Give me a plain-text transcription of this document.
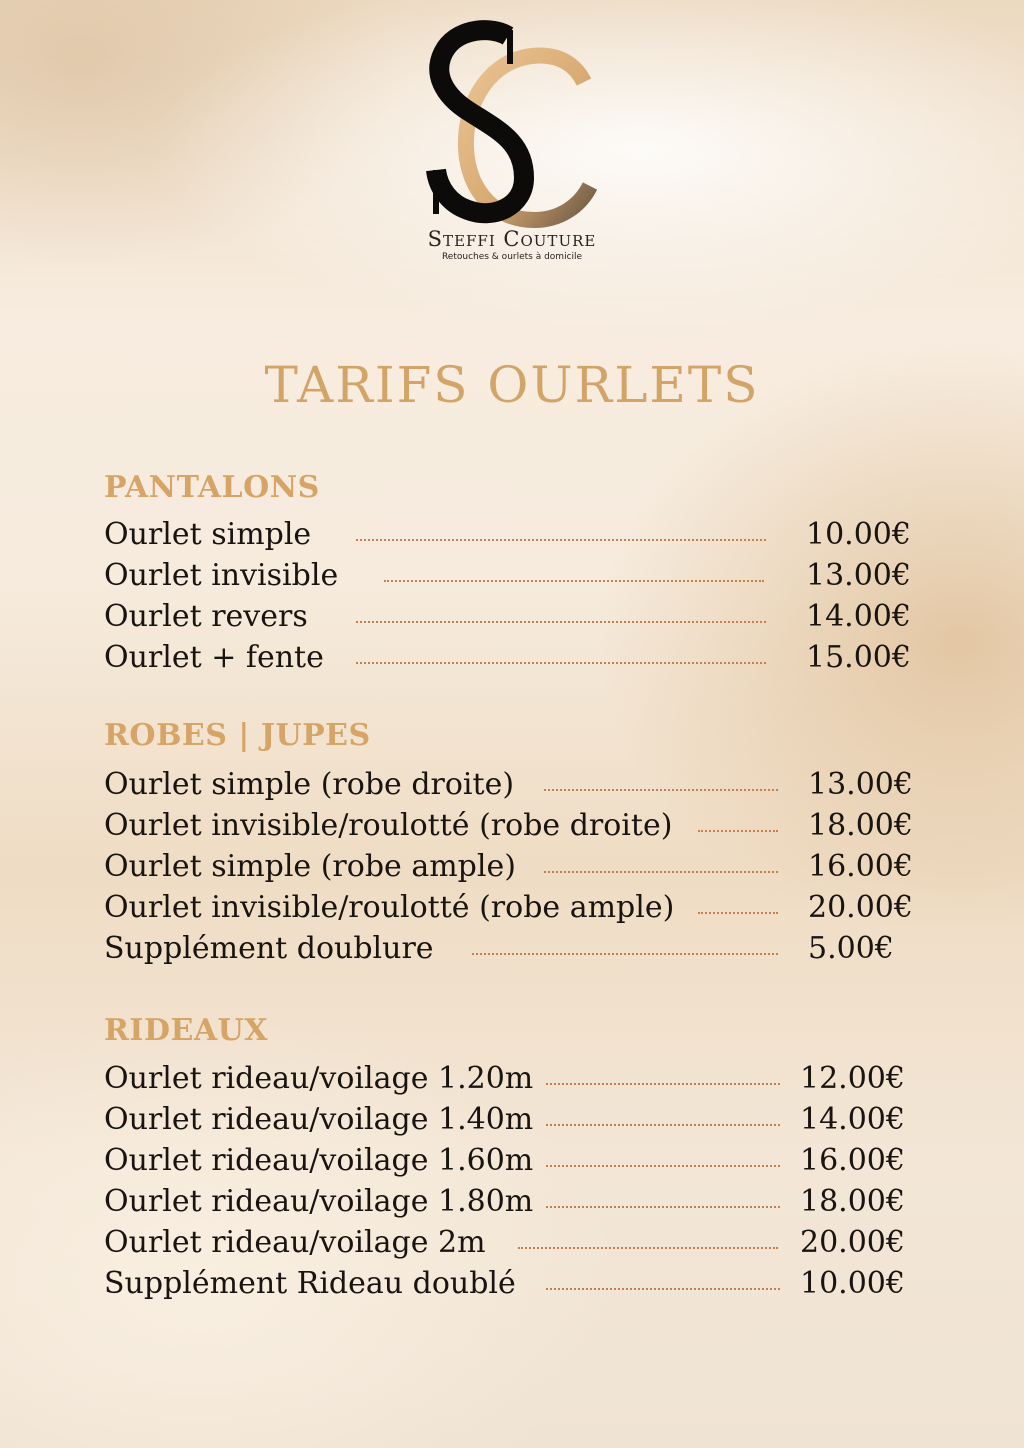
Steffi Couture
Retouches & ourlets à domicile
TARIFS OURLETS
PANTALONS
Ourlet simple	10.00€
Ourlet invisible	13.00€
Ourlet revers	14.00€
Ourlet + fente	15.00€
ROBES | JUPES
Ourlet simple (robe droite)	13.00€
Ourlet invisible/roulotté (robe droite)	18.00€
Ourlet simple (robe ample)	16.00€
Ourlet invisible/roulotté (robe ample)	20.00€
Supplément doublure	5.00€
RIDEAUX
Ourlet rideau/voilage 1.20m	12.00€
Ourlet rideau/voilage 1.40m	14.00€
Ourlet rideau/voilage 1.60m	16.00€
Ourlet rideau/voilage 1.80m	18.00€
Ourlet rideau/voilage 2m	20.00€
Supplément Rideau doublé	10.00€
